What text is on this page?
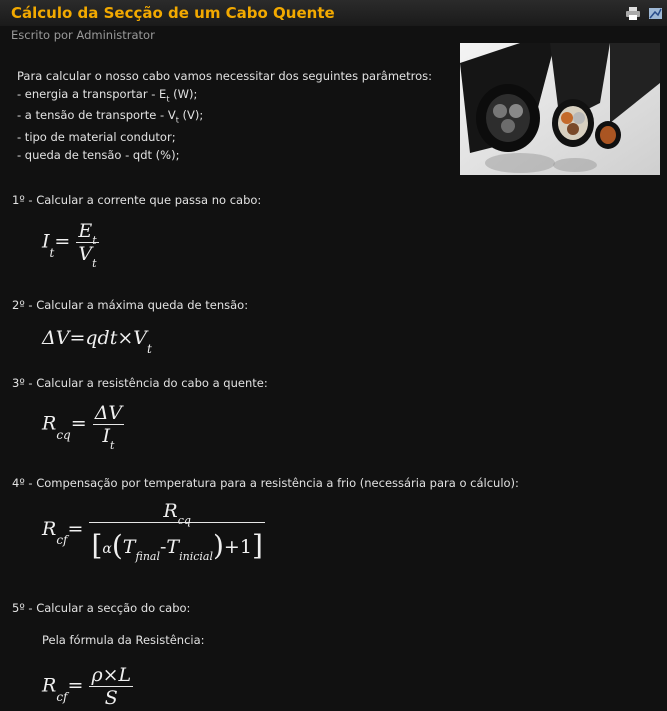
Cálculo da Secção de um Cabo Quente

Escrito por Administrator
Para calcular o nosso cabo vamos necessitar dos seguintes parâmetros:
- energia a transportar - $E_t$ (W);
- a tensão de transporte - $V_t$ (V);
- tipo de material condutor;
- queda de tensão - qdt (%);
1º - Calcular a corrente que passa no cabo:
$I_t= \frac{E_t}{V_t}$
2º - Calcular a máxima queda de tensão:
$\Delta V=qdt\times V_t$
3º - Calcular a resistência do cabo a quente:
$R_{cq}= \frac{\Delta V}{I_t}$
4º - Compensação por temperatura para a resistência a frio (necessária para o cálculo):
$R_{cf}= \frac{R_{cq}}{[\alpha(T_{final}-T_{inicial})+1]}$
5º - Calcular a secção do cabo:
Pela fórmula da Resistência:
$R_{cf}= \frac{\rho\times L}{S}$
